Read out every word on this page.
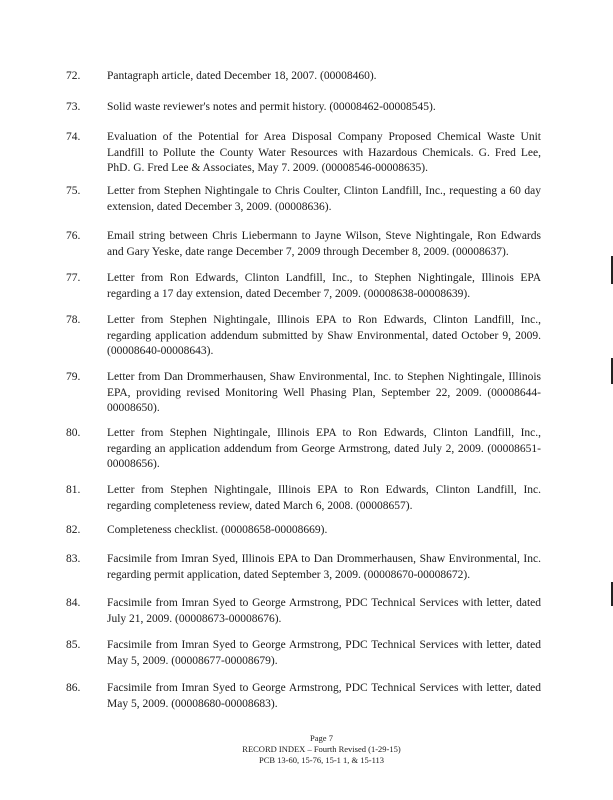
72.	Pantagraph article, dated December 18, 2007. (00008460).
73.	Solid waste reviewer's notes and permit history. (00008462-00008545).
74.	Evaluation of the Potential for Area Disposal Company Proposed Chemical Waste Unit Landfill to Pollute the County Water Resources with Hazardous Chemicals. G. Fred Lee, PhD. G. Fred Lee & Associates, May 7. 2009. (00008546-00008635).
75.	Letter from Stephen Nightingale to Chris Coulter, Clinton Landfill, Inc., requesting a 60 day extension, dated December 3, 2009. (00008636).
76.	Email string between Chris Liebermann to Jayne Wilson, Steve Nightingale, Ron Edwards and Gary Yeske, date range December 7, 2009 through December 8, 2009. (00008637).
77.	Letter from Ron Edwards, Clinton Landfill, Inc., to Stephen Nightingale, Illinois EPA regarding a 17 day extension, dated December 7, 2009. (00008638-00008639).
78.	Letter from Stephen Nightingale, Illinois EPA to Ron Edwards, Clinton Landfill, Inc., regarding application addendum submitted by Shaw Environmental, dated October 9, 2009. (00008640-00008643).
79.	Letter from Dan Drommerhausen, Shaw Environmental, Inc. to Stephen Nightingale, Illinois EPA, providing revised Monitoring Well Phasing Plan, September 22, 2009. (00008644-00008650).
80.	Letter from Stephen Nightingale, Illinois EPA to Ron Edwards, Clinton Landfill, Inc., regarding an application addendum from George Armstrong, dated July 2, 2009. (00008651-00008656).
81.	Letter from Stephen Nightingale, Illinois EPA to Ron Edwards, Clinton Landfill, Inc. regarding completeness review, dated March 6, 2008. (00008657).
82.	Completeness checklist. (00008658-00008669).
83.	Facsimile from Imran Syed, Illinois EPA to Dan Drommerhausen, Shaw Environmental, Inc. regarding permit application, dated September 3, 2009. (00008670-00008672).
84.	Facsimile from Imran Syed to George Armstrong, PDC Technical Services with letter, dated July 21, 2009. (00008673-00008676).
85.	Facsimile from Imran Syed to George Armstrong, PDC Technical Services with letter, dated May 5, 2009. (00008677-00008679).
86.	Facsimile from Imran Syed to George Armstrong, PDC Technical Services with letter, dated May 5, 2009. (00008680-00008683).
Page 7
RECORD INDEX – Fourth Revised (1-29-15)
PCB 13-60, 15-76, 15-1 1, & 15-113
